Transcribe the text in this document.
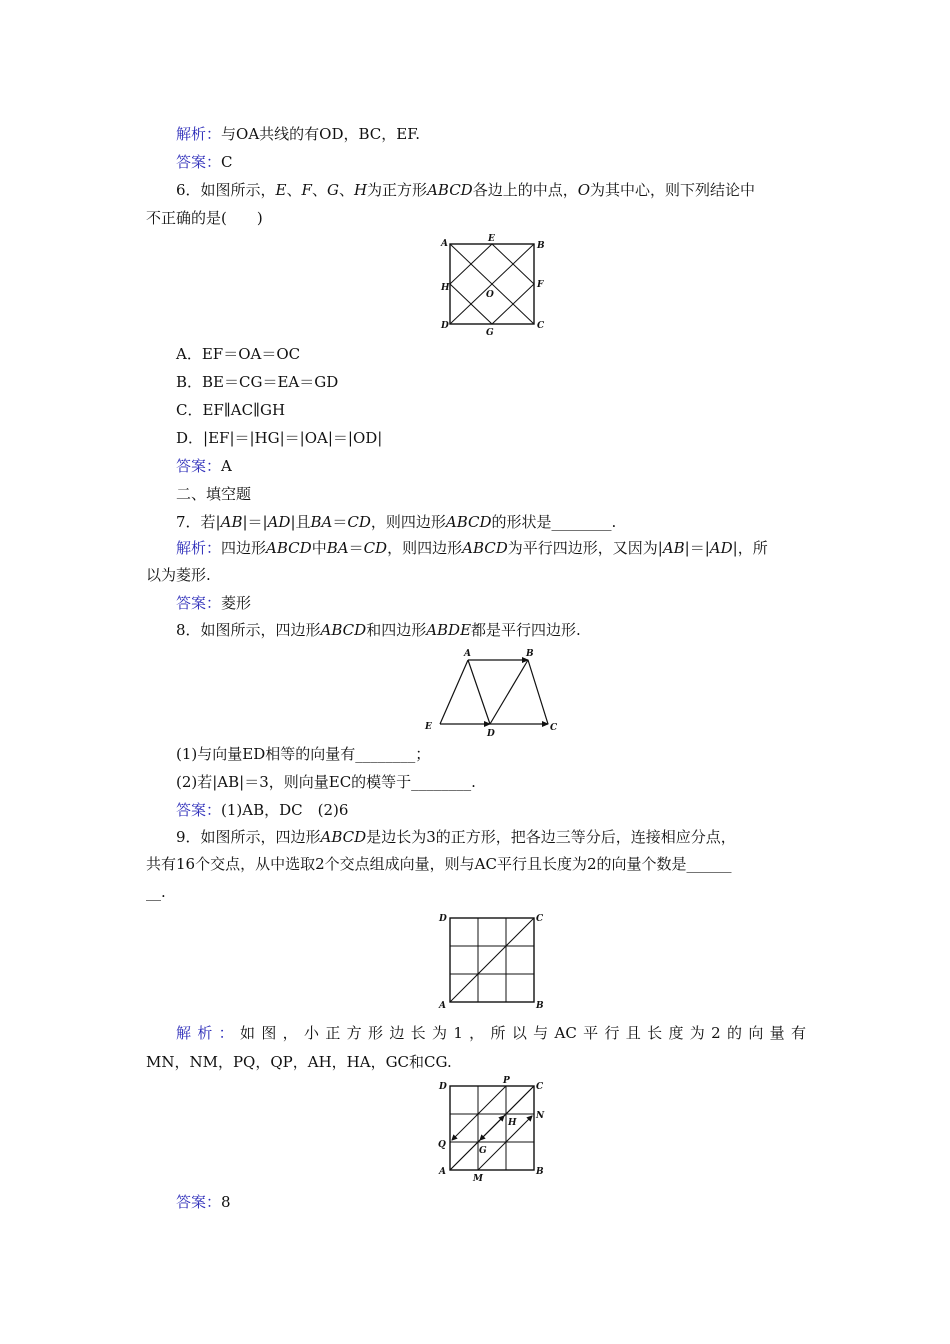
解析：与OA共线的有OD，BC，EF.
答案：C
6．如图所示，E、F、G、H为正方形ABCD各边上的中点，O为其中心，则下列结论中
不正确的是(　　)
A	B
C
D
E
F
G
H
O
A．EF＝OA＝OC
B．BE＝CG＝EA＝GD
C．EF∥AC∥GH
D．|EF|＝|HG|＝|OA|＝|OD|
答案：A
二、填空题
7．若|AB|＝|AD|且BA＝CD，则四边形ABCD的形状是________.
解析：四边形ABCD中BA＝CD，则四边形ABCD为平行四边形，又因为|AB|＝|AD|，所
以为菱形.
答案：菱形
8．如图所示，四边形ABCD和四边形ABDE都是平行四边形.
A	B
C
D
E
(1)与向量ED相等的向量有________；
(2)若|AB|＝3，则向量EC的模等于________.
答案：(1)AB，DC　(2)6
9．如图所示，四边形ABCD是边长为3的正方形，把各边三等分后，连接相应分点，
共有16个交点，从中选取2个交点组成向量，则与AC平行且长度为2的向量个数是______
__.
D	C
A	B
解析：如图，小正方形边长为1，所以与AC平行且长度为2的向量有
MN，NM，PQ，QP，AH，HA，GC和CG.
D
P
C
N
H
Q
G
A
M
B
答案：8
